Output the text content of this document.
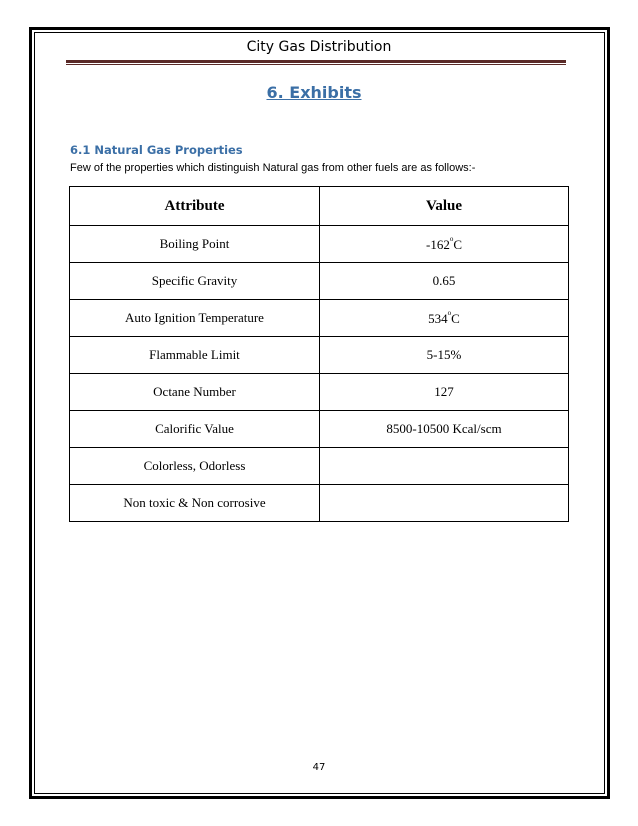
City Gas Distribution
6. Exhibits
6.1 Natural Gas Properties
Few of the properties which distinguish Natural gas from other fuels are as follows:-
Attribute	Value
Boiling Point	-162$^o$C
Specific Gravity	0.65
Auto Ignition Temperature	534$^o$C
Flammable Limit	5-15%
Octane Number	127
Calorific Value	8500-10500 Kcal/scm
Colorless, Odorless	
Non toxic & Non corrosive	
47
